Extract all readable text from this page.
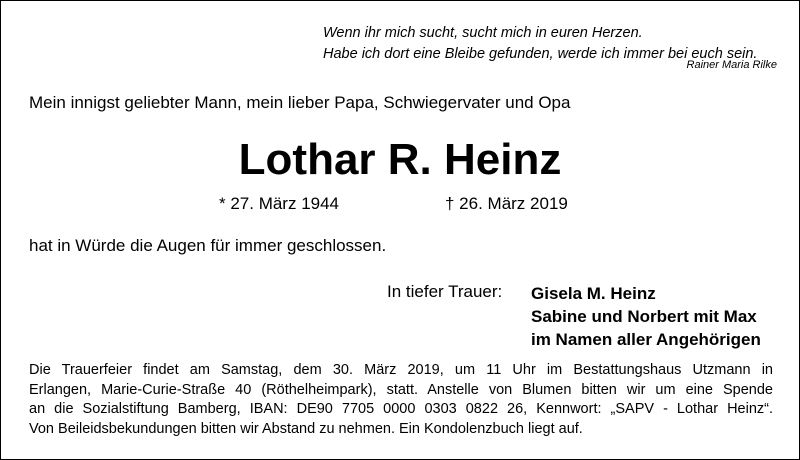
Wenn ihr mich sucht, sucht mich in euren Herzen.
Habe ich dort eine Bleibe gefunden, werde ich immer bei euch sein.
Rainer Maria Rilke
Mein innigst geliebter Mann, mein lieber Papa, Schwiegervater und Opa
Lothar R. Heinz
* 27. März 1944	† 26. März 2019
hat in Würde die Augen für immer geschlossen.
In tiefer Trauer: Gisela M. Heinz
Sabine und Norbert mit Max
im Namen aller Angehörigen
Die Trauerfeier findet am Samstag, dem 30. März 2019, um 11 Uhr im Bestattungshaus Utzmann in
Erlangen, Marie-Curie-Straße 40 (Röthelheimpark), statt. Anstelle von Blumen bitten wir um eine Spende
an die Sozialstiftung Bamberg, IBAN: DE90 7705 0000 0303 0822 26, Kennwort: „SAPV - Lothar Heinz“.
Von Beileidsbekundungen bitten wir Abstand zu nehmen. Ein Kondolenzbuch liegt auf.
